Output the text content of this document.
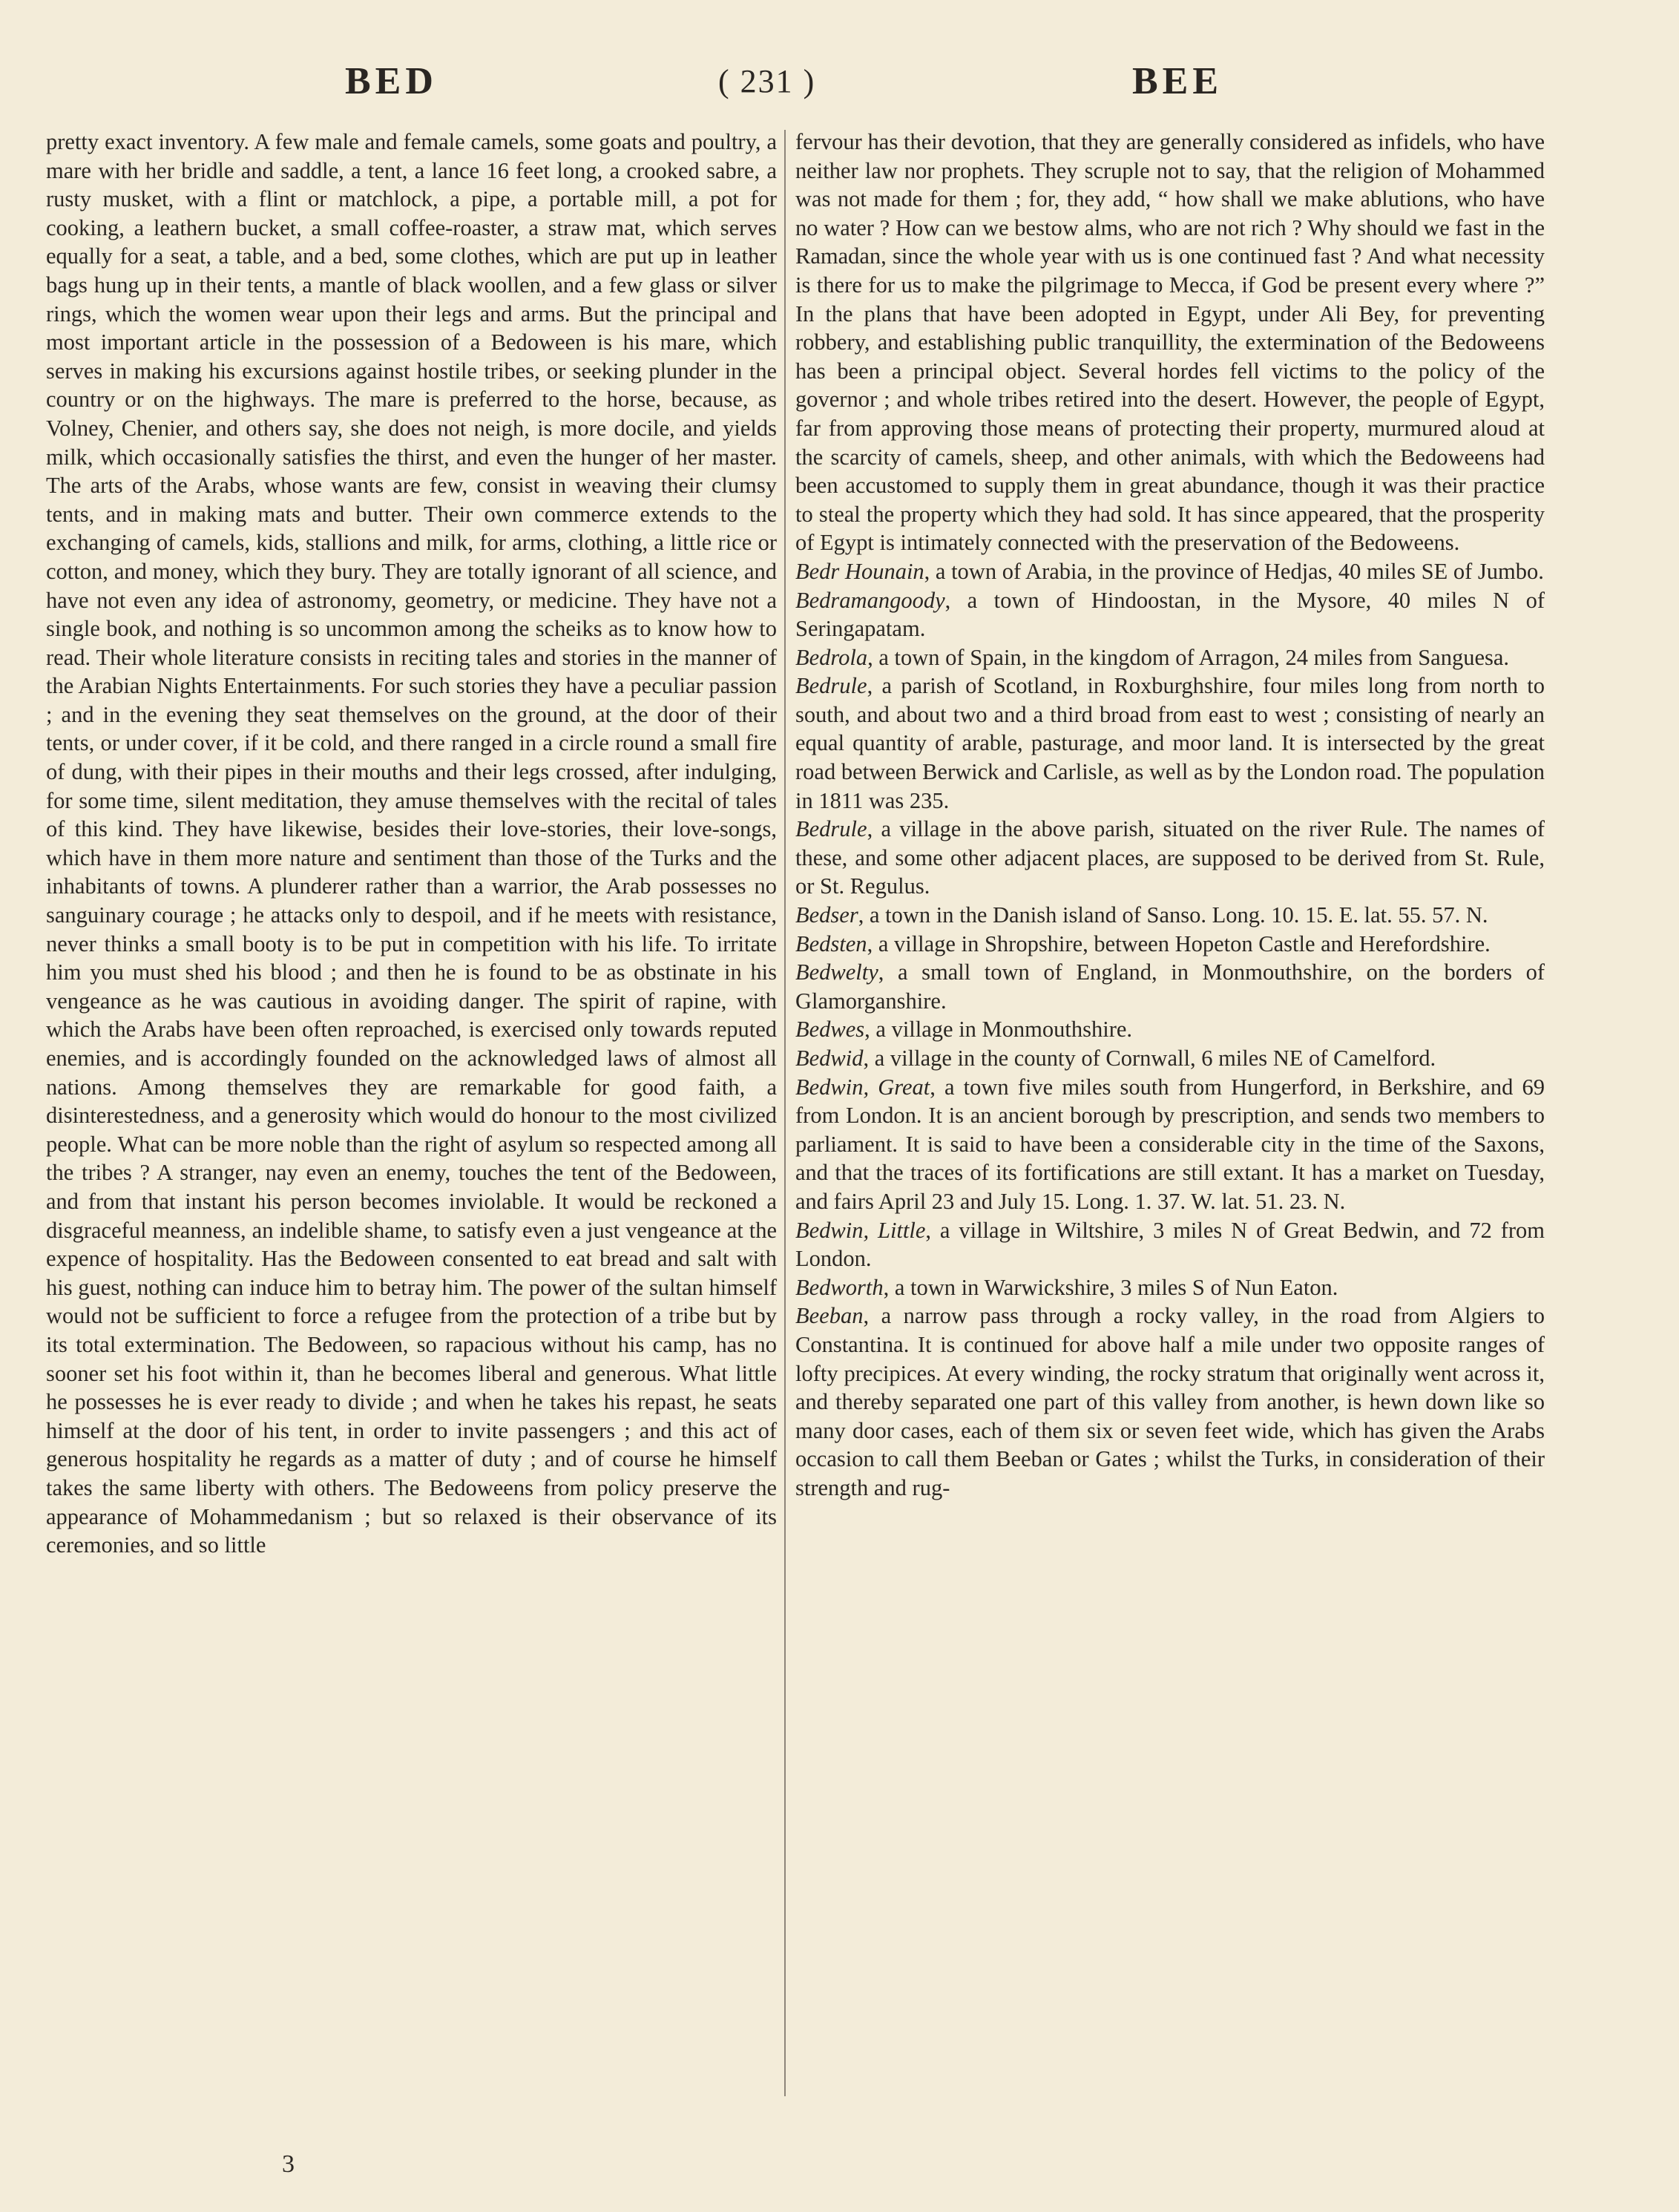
BED	( 231 )	BEE

pretty exact inventory. A few male and female camels, some goats and poultry, a mare with her bridle and saddle, a tent, a lance 16 feet long, a crooked sabre, a rusty musket, with a flint or matchlock, a pipe, a portable mill, a pot for cooking, a leathern bucket, a small coffee-roaster, a straw mat, which serves equally for a seat, a table, and a bed, some clothes, which are put up in leather bags hung up in their tents, a mantle of black woollen, and a few glass or silver rings, which the women wear upon their legs and arms. But the principal and most important article in the possession of a Bedoween is his mare, which serves in making his excursions against hostile tribes, or seeking plunder in the country or on the highways. The mare is preferred to the horse, because, as Volney, Chenier, and others say, she does not neigh, is more docile, and yields milk, which occasionally satisfies the thirst, and even the hunger of her master. The arts of the Arabs, whose wants are few, consist in weaving their clumsy tents, and in making mats and butter. Their own commerce extends to the exchanging of camels, kids, stallions and milk, for arms, clothing, a little rice or cotton, and money, which they bury. They are totally ignorant of all science, and have not even any idea of astronomy, geometry, or medicine. They have not a single book, and nothing is so uncommon among the scheiks as to know how to read. Their whole literature consists in reciting tales and stories in the manner of the Arabian Nights Entertainments. For such stories they have a peculiar passion ; and in the evening they seat themselves on the ground, at the door of their tents, or under cover, if it be cold, and there ranged in a circle round a small fire of dung, with their pipes in their mouths and their legs crossed, after indulging, for some time, silent meditation, they amuse themselves with the recital of tales of this kind. They have likewise, besides their love-stories, their love-songs, which have in them more nature and sentiment than those of the Turks and the inhabitants of towns. A plunderer rather than a warrior, the Arab possesses no sanguinary courage ; he attacks only to despoil, and if he meets with resistance, never thinks a small booty is to be put in competition with his life. To irritate him you must shed his blood ; and then he is found to be as obstinate in his vengeance as he was cautious in avoiding danger. The spirit of rapine, with which the Arabs have been often reproached, is exercised only towards reputed enemies, and is accordingly founded on the acknowledged laws of almost all nations. Among themselves they are remarkable for good faith, a disinterestedness, and a generosity which would do honour to the most civilized people. What can be more noble than the right of asylum so respected among all the tribes ? A stranger, nay even an enemy, touches the tent of the Bedoween, and from that instant his person becomes inviolable. It would be reckoned a disgraceful meanness, an indelible shame, to satisfy even a just vengeance at the expence of hospitality. Has the Bedoween consented to eat bread and salt with his guest, nothing can induce him to betray him. The power of the sultan himself would not be sufficient to force a refugee from the protection of a tribe but by its total extermination. The Bedoween, so rapacious without his camp, has no sooner set his foot within it, than he becomes liberal and generous. What little he possesses he is ever ready to divide ; and when he takes his repast, he seats himself at the door of his tent, in order to invite passengers ; and this act of generous hospitality he regards as a matter of duty ; and of course he himself takes the same liberty with others. The Bedoweens from policy preserve the appearance of Mohammedanism ; but so relaxed is their observance of its ceremonies, and so little

fervour has their devotion, that they are generally considered as infidels, who have neither law nor prophets. They scruple not to say, that the religion of Mohammed was not made for them ; for, they add, “ how shall we make ablutions, who have no water ? How can we bestow alms, who are not rich ? Why should we fast in the Ramadan, since the whole year with us is one continued fast ? And what necessity is there for us to make the pilgrimage to Mecca, if God be present every where ?” In the plans that have been adopted in Egypt, under Ali Bey, for preventing robbery, and establishing public tranquillity, the extermination of the Bedoweens has been a principal object. Several hordes fell victims to the policy of the governor ; and whole tribes retired into the desert. However, the people of Egypt, far from approving those means of protecting their property, murmured aloud at the scarcity of camels, sheep, and other animals, with which the Bedoweens had been accustomed to supply them in great abundance, though it was their practice to steal the property which they had sold. It has since appeared, that the prosperity of Egypt is intimately connected with the preservation of the Bedoweens.

Bedr Hounain, a town of Arabia, in the province of Hedjas, 40 miles SE of Jumbo.

Bedramangoody, a town of Hindoostan, in the Mysore, 40 miles N of Seringapatam.

Bedrola, a town of Spain, in the kingdom of Arragon, 24 miles from Sanguesa.

Bedrule, a parish of Scotland, in Roxburghshire, four miles long from north to south, and about two and a third broad from east to west ; consisting of nearly an equal quantity of arable, pasturage, and moor land. It is intersected by the great road between Berwick and Carlisle, as well as by the London road. The population in 1811 was 235.

Bedrule, a village in the above parish, situated on the river Rule. The names of these, and some other adjacent places, are supposed to be derived from St. Rule, or St. Regulus.

Bedser, a town in the Danish island of Sanso. Long. 10. 15. E. lat. 55. 57. N.

Bedsten, a village in Shropshire, between Hopeton Castle and Herefordshire.

Bedwelty, a small town of England, in Monmouthshire, on the borders of Glamorganshire.

Bedwes, a village in Monmouthshire.

Bedwid, a village in the county of Cornwall, 6 miles NE of Camelford.

Bedwin, Great, a town five miles south from Hungerford, in Berkshire, and 69 from London. It is an ancient borough by prescription, and sends two members to parliament. It is said to have been a considerable city in the time of the Saxons, and that the traces of its fortifications are still extant. It has a market on Tuesday, and fairs April 23 and July 15. Long. 1. 37. W. lat. 51. 23. N.

Bedwin, Little, a village in Wiltshire, 3 miles N of Great Bedwin, and 72 from London.

Bedworth, a town in Warwickshire, 3 miles S of Nun Eaton.

Beeban, a narrow pass through a rocky valley, in the road from Algiers to Constantina. It is continued for above half a mile under two opposite ranges of lofty precipices. At every winding, the rocky stratum that originally went across it, and thereby separated one part of this valley from another, is hewn down like so many door cases, each of them six or seven feet wide, which has given the Arabs occasion to call them Beeban or Gates ; whilst the Turks, in consideration of their strength and rug-

3
